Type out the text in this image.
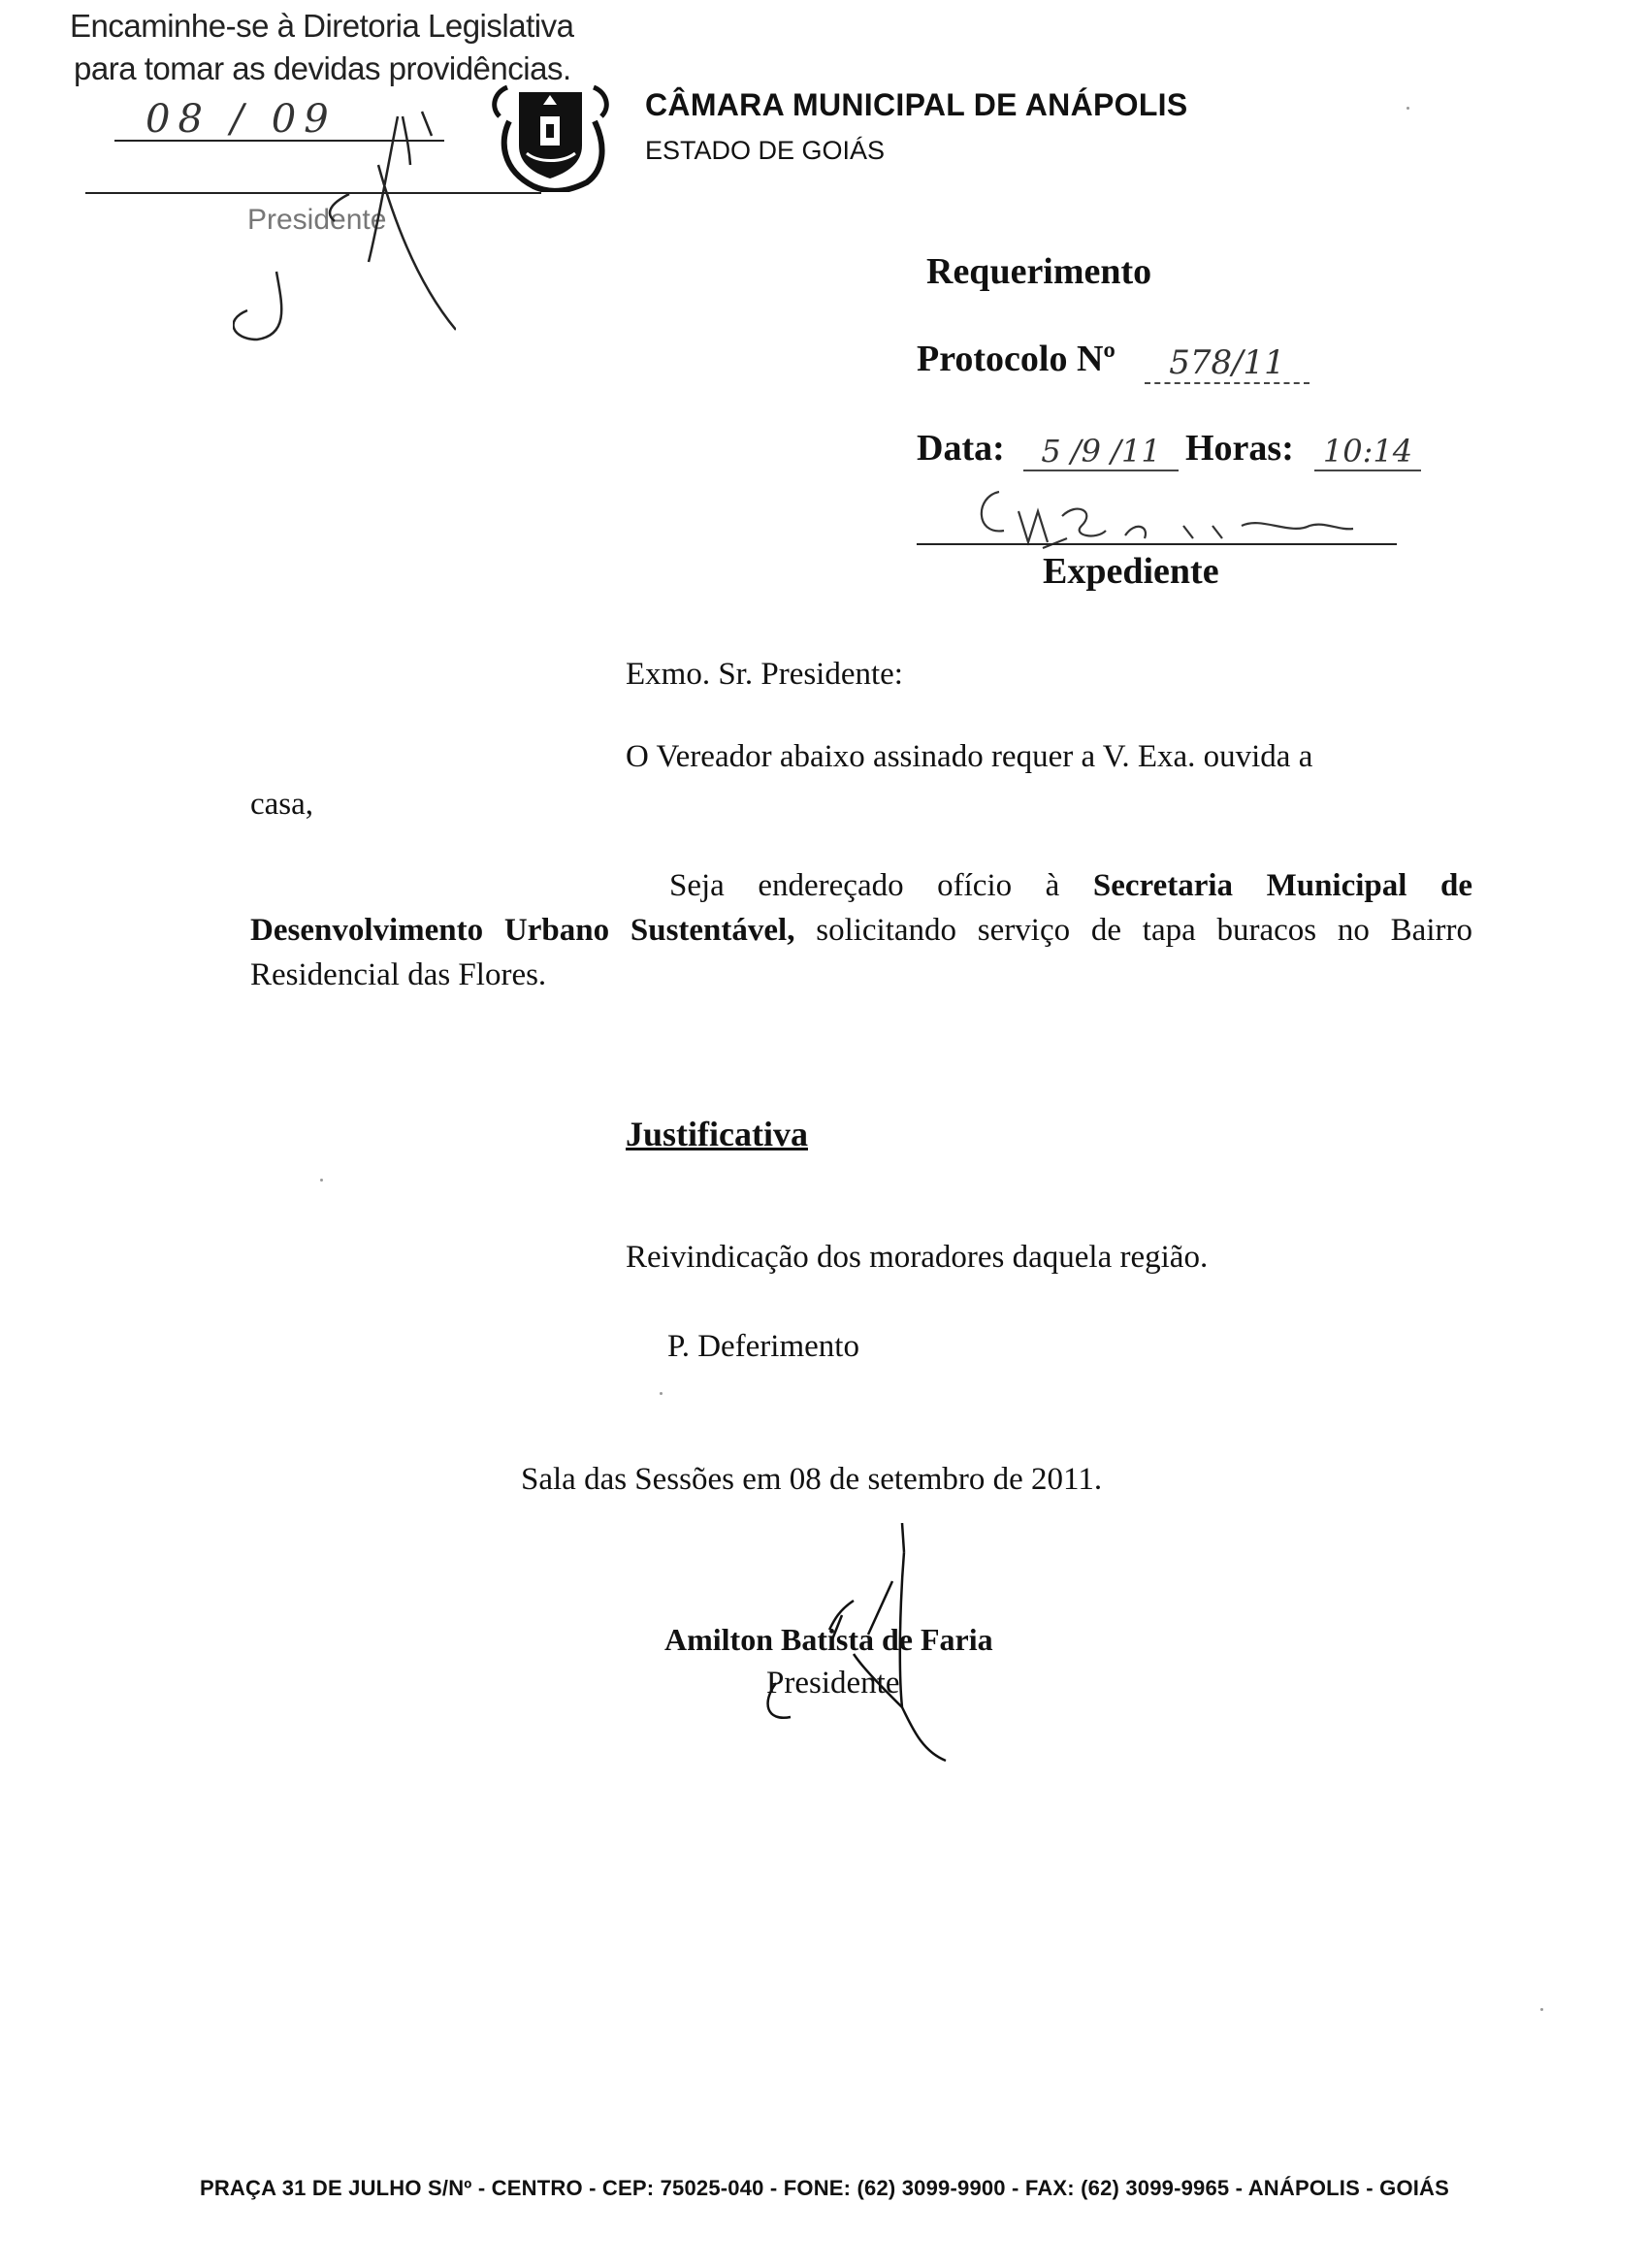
Encaminhe-se à Diretoria Legislativa
para tomar as devidas providências.
08 / 09
Presidente
CÂMARA MUNICIPAL DE ANÁPOLIS
ESTADO DE GOIÁS
Requerimento
Protocolo Nº	578/11
Data:	5 /9 /11 Horas: 10:14
Expediente
Exmo. Sr. Presidente:
O Vereador abaixo assinado requer a V. Exa. ouvida a
casa,
Seja endereçado ofício à Secretaria Municipal de Desenvolvimento Urbano Sustentável, solicitando serviço de tapa buracos no Bairro Residencial das Flores.
Justificativa
Reivindicação dos moradores daquela região.
P. Deferimento
Sala das Sessões em 08 de setembro de 2011.
Amilton Batista de Faria
Presidente
PRAÇA 31 DE JULHO S/Nº - CENTRO - CEP: 75025-040 - FONE: (62) 3099-9900 - FAX: (62) 3099-9965 - ANÁPOLIS - GOIÁS
